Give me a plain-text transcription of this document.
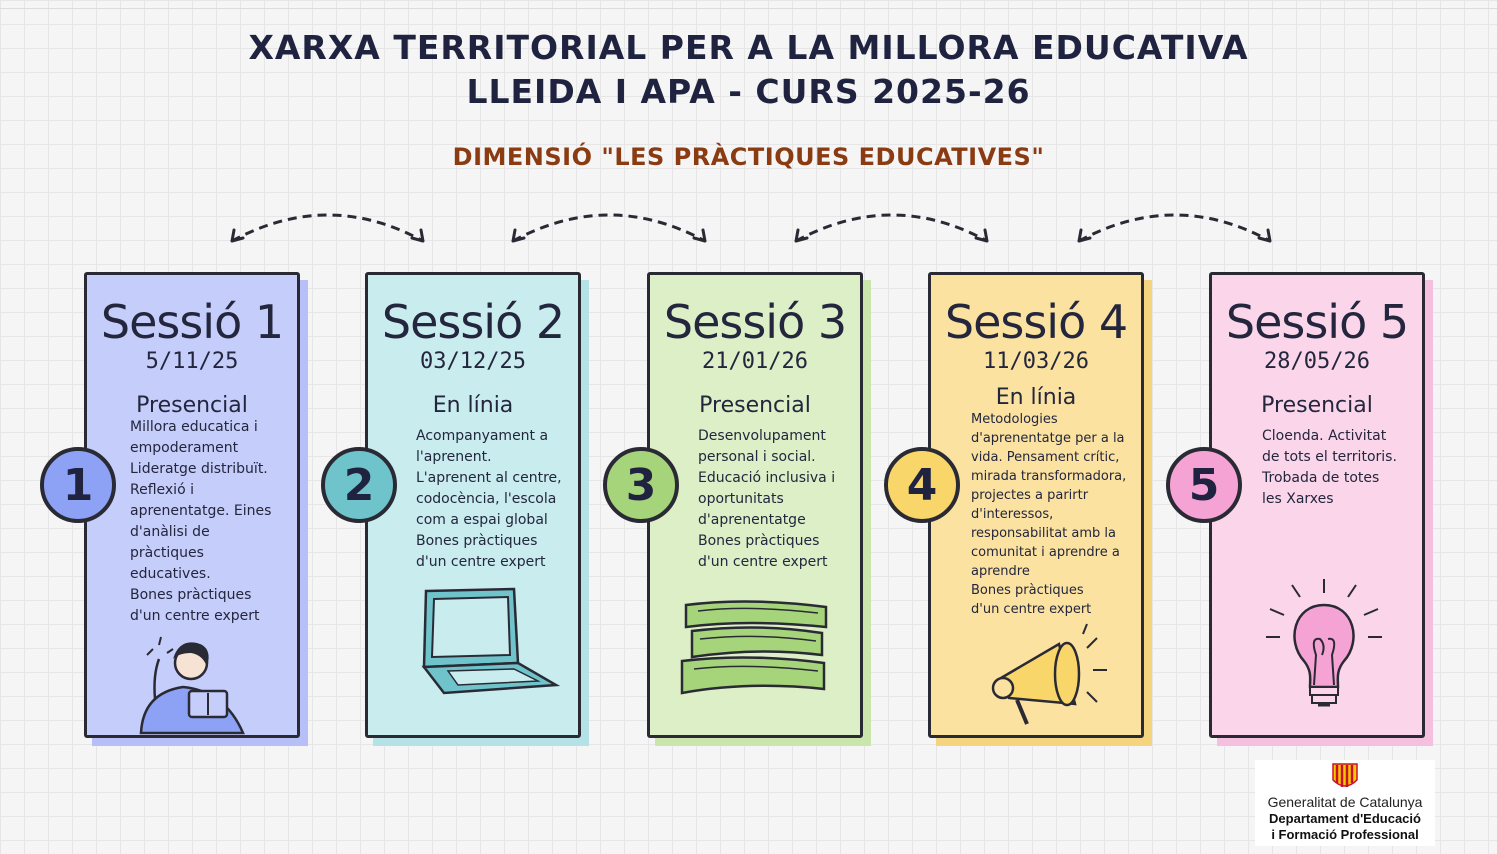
XARXA TERRITORIAL PER A LA MILLORA EDUCATIVA
LLEIDA I APA - CURS 2025-26
DIMENSIÓ "LES PRÀCTIQUES EDUCATIVES"
Sessió 1
5/11/25
Presencial
Millora educatica i
empoderament
Lideratge distribuït.
Reflexió i
aprenentatge. Eines
d'anàlisi de
pràctiques
educatives.
Bones pràctiques
d'un centre expert
1
Sessió 2
03/12/25
En línia
Acompanyament a
l'aprenent.
L'aprenent al centre,
codocència, l'escola
com a espai global
Bones pràctiques
d'un centre expert
2
Sessió 3
21/01/26
Presencial
Desenvolupament
personal i social.
Educació inclusiva i
oportunitats
d'aprenentatge
Bones pràctiques
d'un centre expert
3
Sessió 4
11/03/26
En línia
Metodologies
d'aprenentatge per a la
vida. Pensament crític,
mirada transformadora,
projectes a parirtr
d'interessos,
responsabilitat amb la
comunitat i aprendre a
aprendre
Bones pràctiques
d'un centre expert
4
Sessió 5
28/05/26
Presencial
Cloenda. Activitat
de tots el territoris.
Trobada de totes
les Xarxes
5
Generalitat de Catalunya
Departament d'Educació
i Formació Professional
